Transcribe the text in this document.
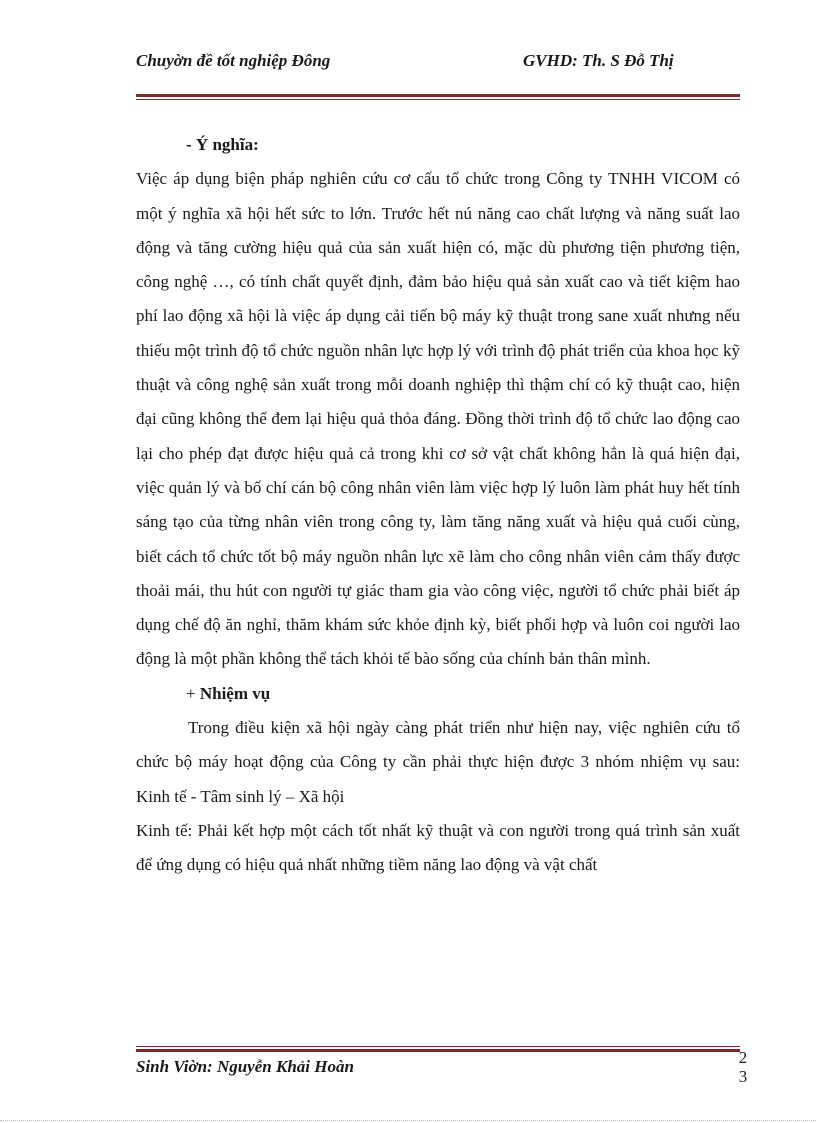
Chuyờn đề tốt nghiệp Đông	GVHD: Th. S Đỗ Thị

- Ý nghĩa:

Việc áp dụng biện pháp nghiên cứu cơ cấu tổ chức trong Công ty TNHH VICOM có một ý nghĩa xã hội hết sức to lớn. Trước hết nú năng cao chất lượng và năng suất lao động và tăng cường hiệu quả của sản xuất hiện có, mặc dù phương tiện phương tiện, công nghệ …, có tính chất quyết định, đảm bảo hiệu quả sản xuất cao và tiết kiệm hao phí lao động xã hội là việc áp dụng cải tiến bộ máy kỹ thuật trong sane xuất nhưng nếu thiếu một trình độ tổ chức nguồn nhân lực hợp lý với trình độ phát triển của khoa học kỹ thuật và công nghệ sản xuất trong mỗi doanh nghiệp thì thậm chí có kỹ thuật cao, hiện đại cũng không thể đem lại hiệu quả thỏa đáng. Đồng thời trình độ tổ chức lao động cao lại cho phép đạt được hiệu quả cả trong khi cơ sở vật chất không hẳn là quá hiện đại, việc quản lý và bố chí cán bộ công nhân viên làm việc hợp lý luôn làm phát huy hết tính sáng tạo của từng nhân viên trong công ty, làm tăng năng xuất và hiệu quả cuối cùng, biết cách tổ chức tốt bộ máy nguồn nhân lực xẽ làm cho công nhân viên cảm thấy được thoải mái, thu hút con người tự giác tham gia vào công việc, người tổ chức phải biết áp dụng chế độ ăn nghỉ, thăm khám sức khỏe định kỳ, biết phối hợp và luôn coi người lao động là một phần không thể tách khỏi tế bào sống của chính bản thân mình.

+ Nhiệm vụ

Trong điều kiện xã hội ngày càng phát triển như hiện nay, việc nghiên cứu tổ chức bộ máy hoạt động của Công ty cần phải thực hiện được 3 nhóm nhiệm vụ sau: Kinh tế - Tâm sinh lý – Xã hội

Kinh tế: Phải kết hợp một cách tốt nhất kỹ thuật và con người trong quá trình sản xuất để ứng dụng có hiệu quả nhất những tiềm năng lao động và vật chất

Sinh Viờn: Nguyễn Khải Hoàn	23
